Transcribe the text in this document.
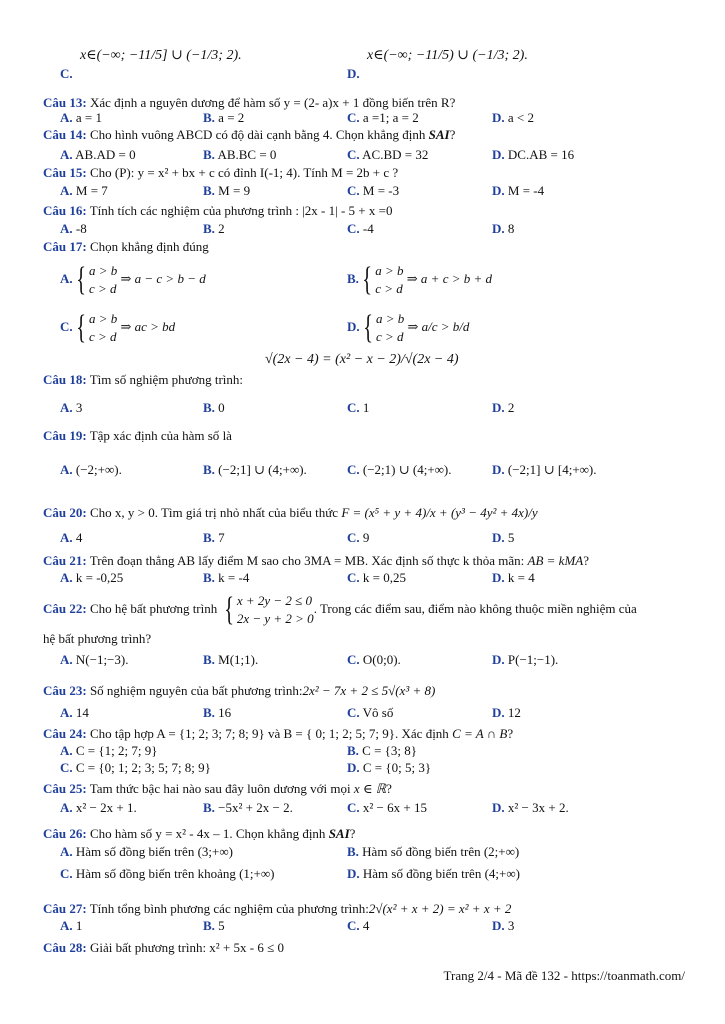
C.
x∈(−∞; −11/5] ∪ (−1/3; 2).
D.
x∈(−∞; −11/5) ∪ (−1/3; 2).
Câu 13: Xác định a nguyên dương để hàm số y = (2- a)x + 1 đồng biến trên R?
A. a = 1	B. a = 2	C. a =1; a = 2	D. a < 2
Câu 14: Cho hình vuông ABCD có độ dài cạnh bằng 4. Chọn khẳng định SAI?
A. AB.AD = 0	B. AB.BC = 0	C. AC.BD = 32	D. DC.AB = 16
Câu 15: Cho (P): y = x² + bx + c có đỉnh I(-1; 4). Tính M = 2b + c ?
A. M = 7	B. M = 9	C. M = -3	D. M = -4
Câu 16: Tính tích các nghiệm của phương trình : |2x - 1| - 5 + x =0
A. -8	B. 2	C. -4	D. 8
Câu 17: Chọn khẳng định đúng
A.{ a > b
c > d
⇒ a − c > b − d	B.{ a > b
c > d
⇒ a + c > b + d
C.{ a > b
c > d
⇒ ac > bd	D.{ a > b
c > d
⇒ a/c > b/d
Câu 18: Tìm số nghiệm phương trình:
√(2x − 4) = (x² − x − 2)/√(2x − 4)
A. 3	B. 0	C. 1	D. 2
Câu 19: Tập xác định của hàm số là
A. (−2;+∞).	B. (−2;1] ∪ (4;+∞).	C. (−2;1) ∪ (4;+∞).	D. (−2;1] ∪ [4;+∞).
Câu 20: Cho x, y > 0. Tìm giá trị nhỏ nhất của biểu thức F = (x⁵ + y + 4)/x + (y³ − 4y² + 4x)/y
A. 4	B. 7	C. 9	D. 5
Câu 21: Trên đoạn thẳng AB lấy điểm M sao cho 3MA = MB. Xác định số thực k thỏa mãn: AB = kMA?
A. k = -0,25	B. k = -4	C. k = 0,25	D. k = 4
Câu 22: Cho hệ bất phương trình { x + 2y − 2 ≤ 0
2x − y + 2 > 0
. Trong các điểm sau, điểm nào không thuộc miền nghiệm của
hệ bất phương trình?
A. N(−1;−3).	B. M(1;1).	C. O(0;0).	D. P(−1;−1).
Câu 23: Số nghiệm nguyên của bất phương trình:2x² − 7x + 2 ≤ 5√(x³ + 8)
A. 14	B. 16	C. Vô số	D. 12
Câu 24: Cho tập hợp A = {1; 2; 3; 7; 8; 9} và B = { 0; 1; 2; 5; 7; 9}. Xác định C = A ∩ B?
A. C = {1; 2; 7; 9}	B. C = {3; 8}
C. C = {0; 1; 2; 3; 5; 7; 8; 9}	D. C = {0; 5; 3}
Câu 25: Tam thức bậc hai nào sau đây luôn dương với mọi x ∈ ℝ?
A. x² − 2x + 1.	B. −5x² + 2x − 2.	C. x² − 6x + 15	D. x² − 3x + 2.
Câu 26: Cho hàm số y = x² - 4x – 1. Chọn khẳng định SAI?
A. Hàm số đồng biến trên (3;+∞)	B. Hàm số đồng biến trên (2;+∞)
C. Hàm số đồng biến trên khoảng (1;+∞)	D. Hàm số đồng biến trên (4;+∞)
Câu 27: Tính tổng bình phương các nghiệm của phương trình:2√(x² + x + 2) = x² + x + 2
A. 1	B. 5	C. 4	D. 3
Câu 28: Giải bất phương trình: x² + 5x - 6 ≤ 0
Trang 2/4 - Mã đề 132 - https://toanmath.com/
